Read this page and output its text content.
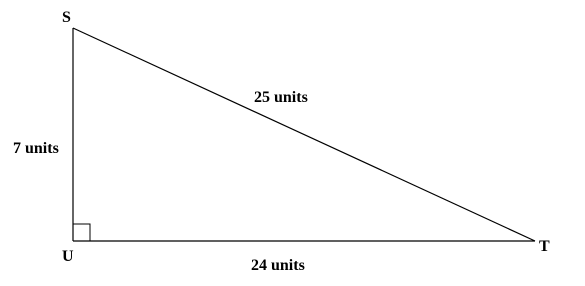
S
U
T
7 units
25 units
24 units
